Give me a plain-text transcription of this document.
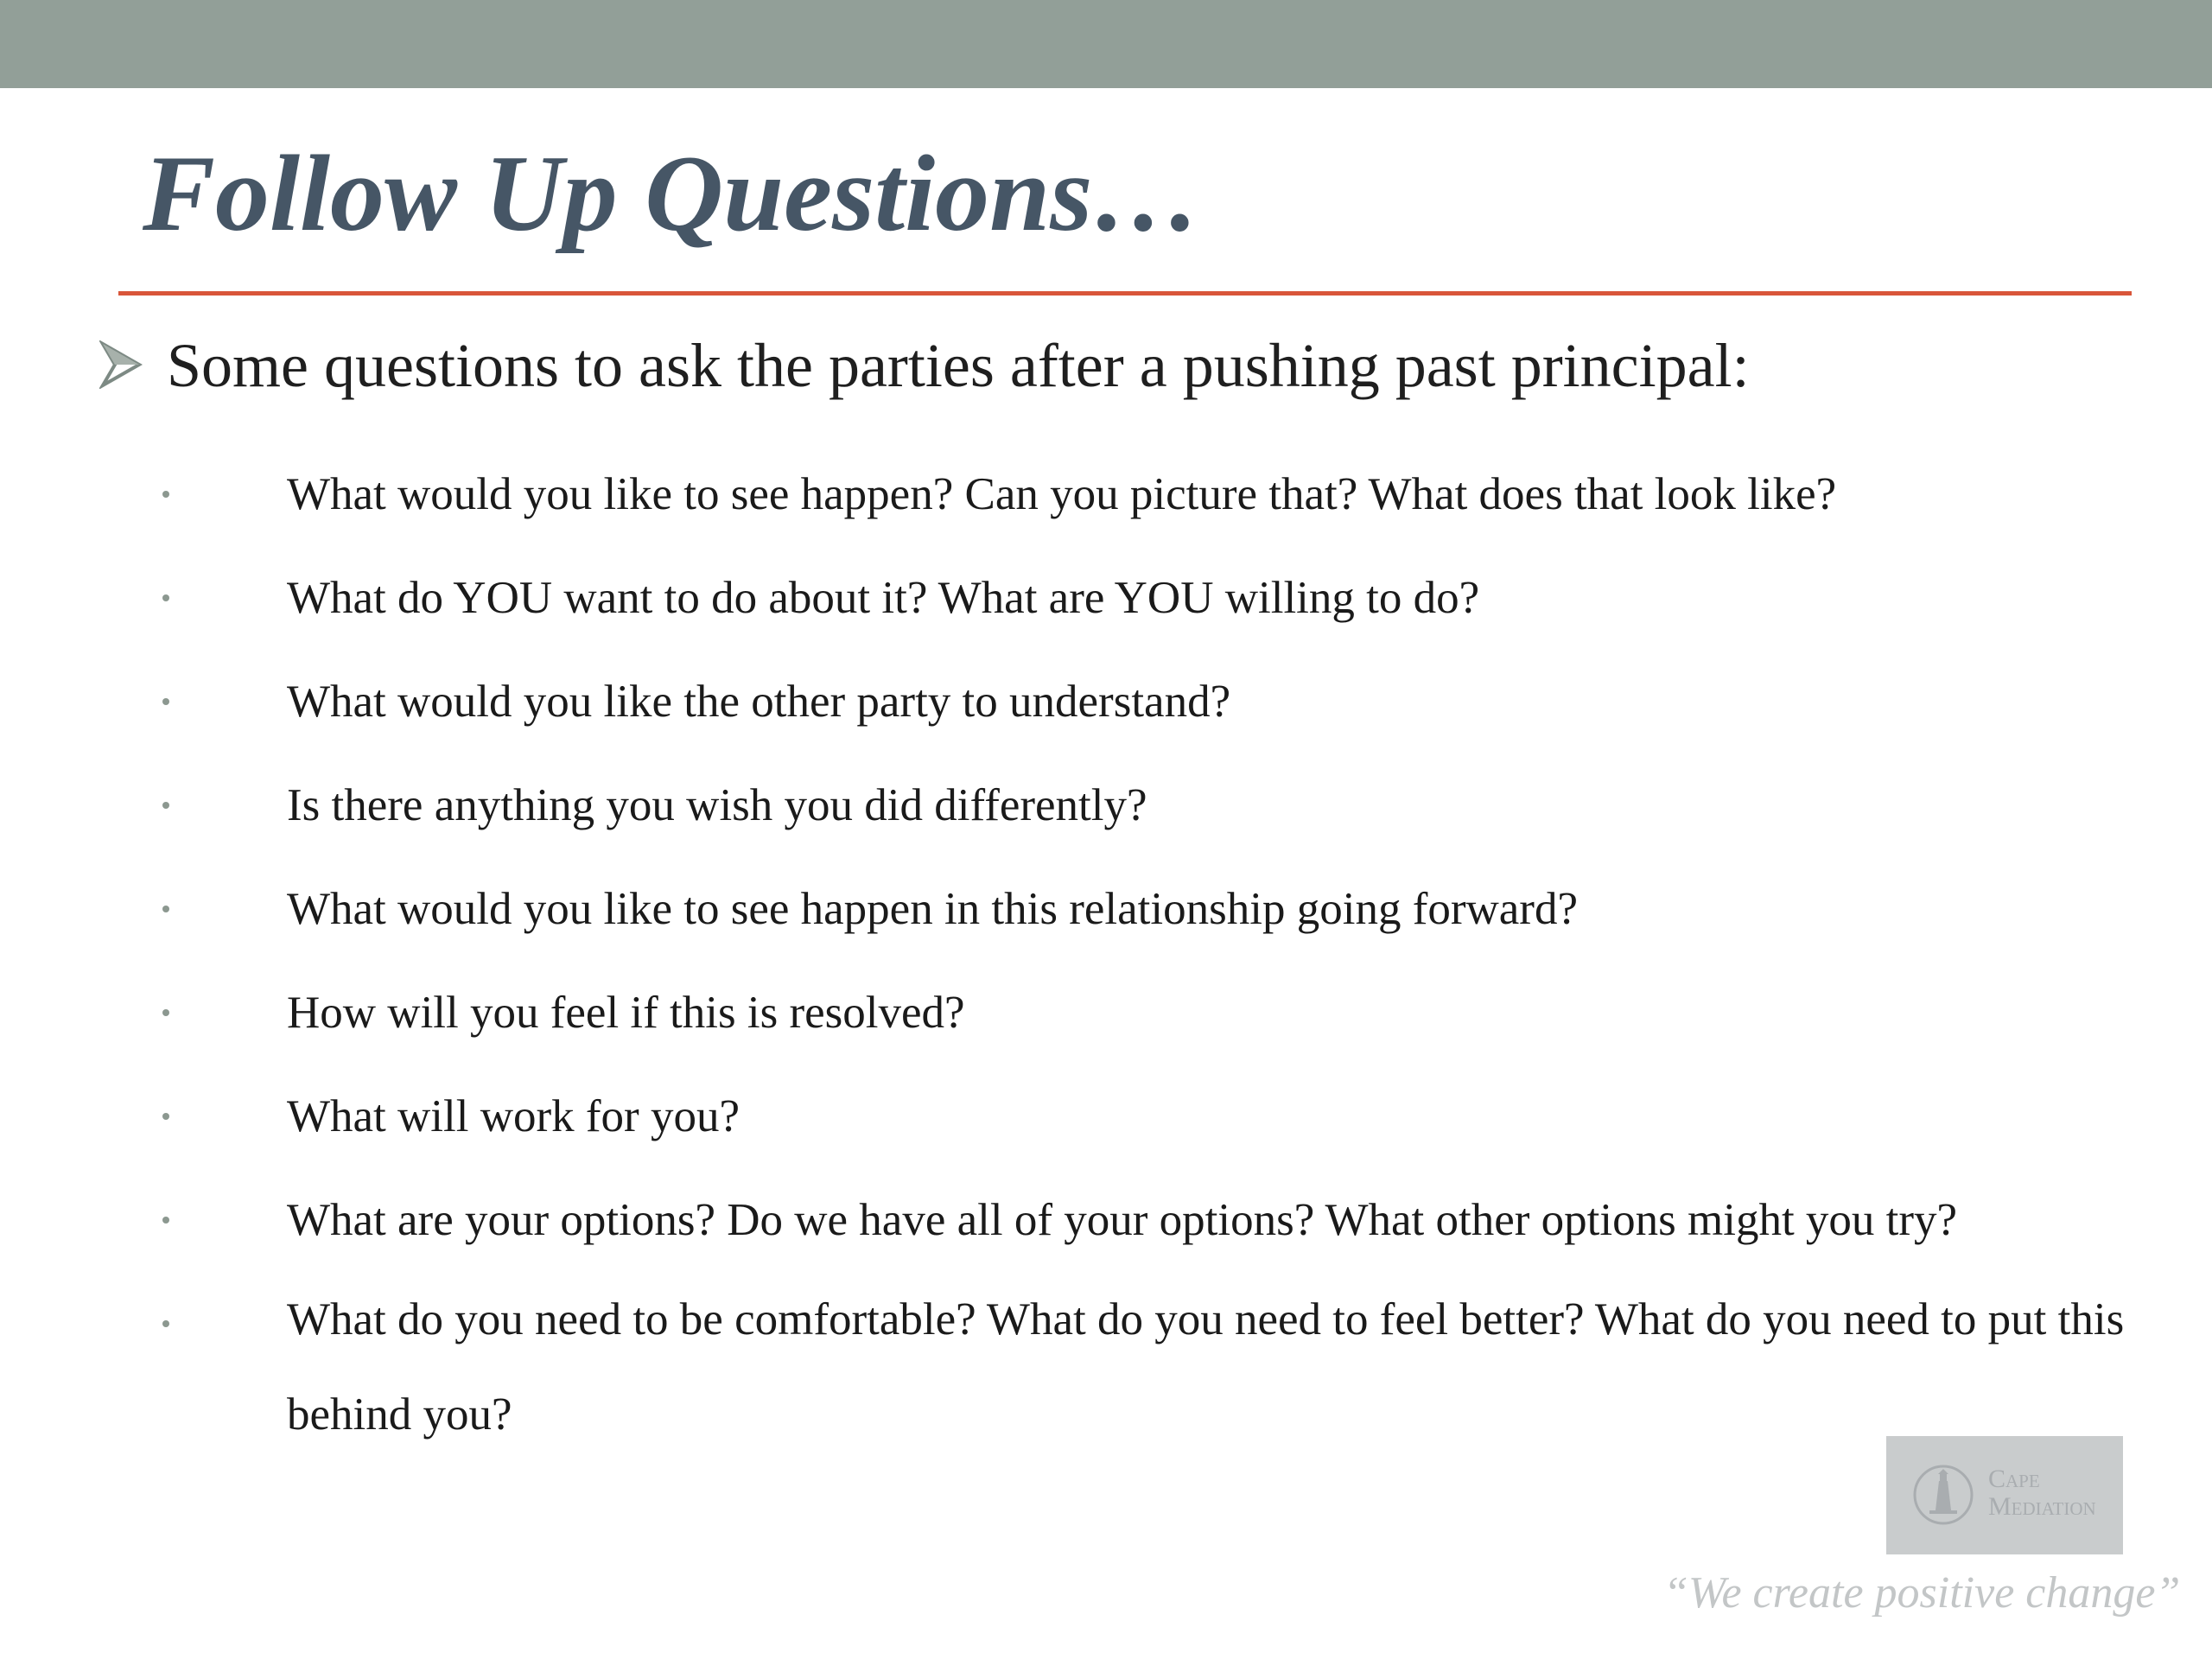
Follow Up Questions…
Some questions to ask the parties after a pushing past principal:
What would you like to see happen? Can you picture that? What does that look like?
What do YOU want to do about it? What are YOU willing to do?
What would you like the other party to understand?
Is there anything you wish you did differently?
What would you like to see happen in this relationship going forward?
How will you feel if this is resolved?
What will work for you?
What are your options? Do we have all of your options? What other options might you try?
What do you need to be comfortable? What do you need to feel better? What do you need to put this behind you?
Cape
Mediation
“We create positive change”
